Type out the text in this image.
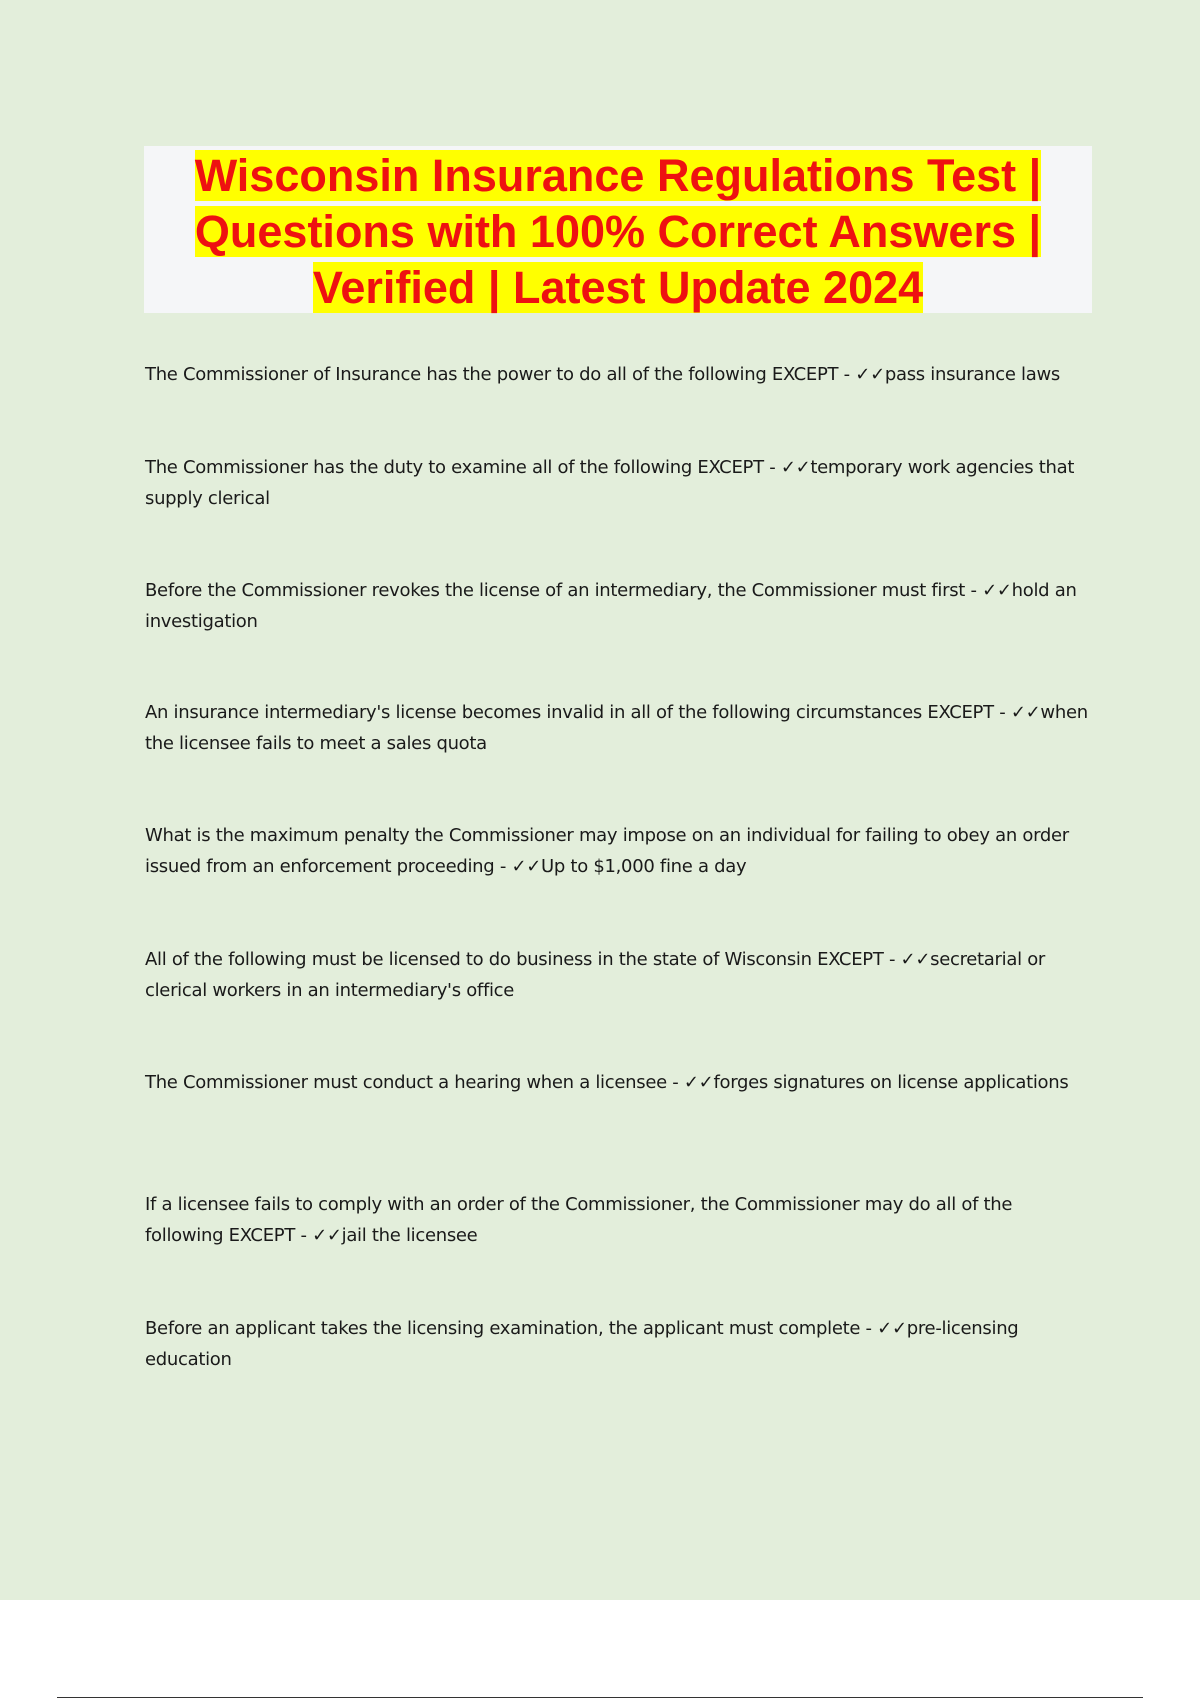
Wisconsin Insurance Regulations Test |
Questions with 100% Correct Answers |
Verified | Latest Update 2024

The Commissioner of Insurance has the power to do all of the following EXCEPT - ✓✓pass insurance laws

The Commissioner has the duty to examine all of the following EXCEPT - ✓✓temporary work agencies that supply clerical

Before the Commissioner revokes the license of an intermediary, the Commissioner must first - ✓✓hold an investigation

An insurance intermediary's license becomes invalid in all of the following circumstances EXCEPT - ✓✓when the licensee fails to meet a sales quota

What is the maximum penalty the Commissioner may impose on an individual for failing to obey an order issued from an enforcement proceeding - ✓✓Up to $1,000 fine a day

All of the following must be licensed to do business in the state of Wisconsin EXCEPT - ✓✓secretarial or clerical workers in an intermediary's office

The Commissioner must conduct a hearing when a licensee - ✓✓forges signatures on license applications

If a licensee fails to comply with an order of the Commissioner, the Commissioner may do all of the following EXCEPT - ✓✓jail the licensee

Before an applicant takes the licensing examination, the applicant must complete - ✓✓pre-licensing education
